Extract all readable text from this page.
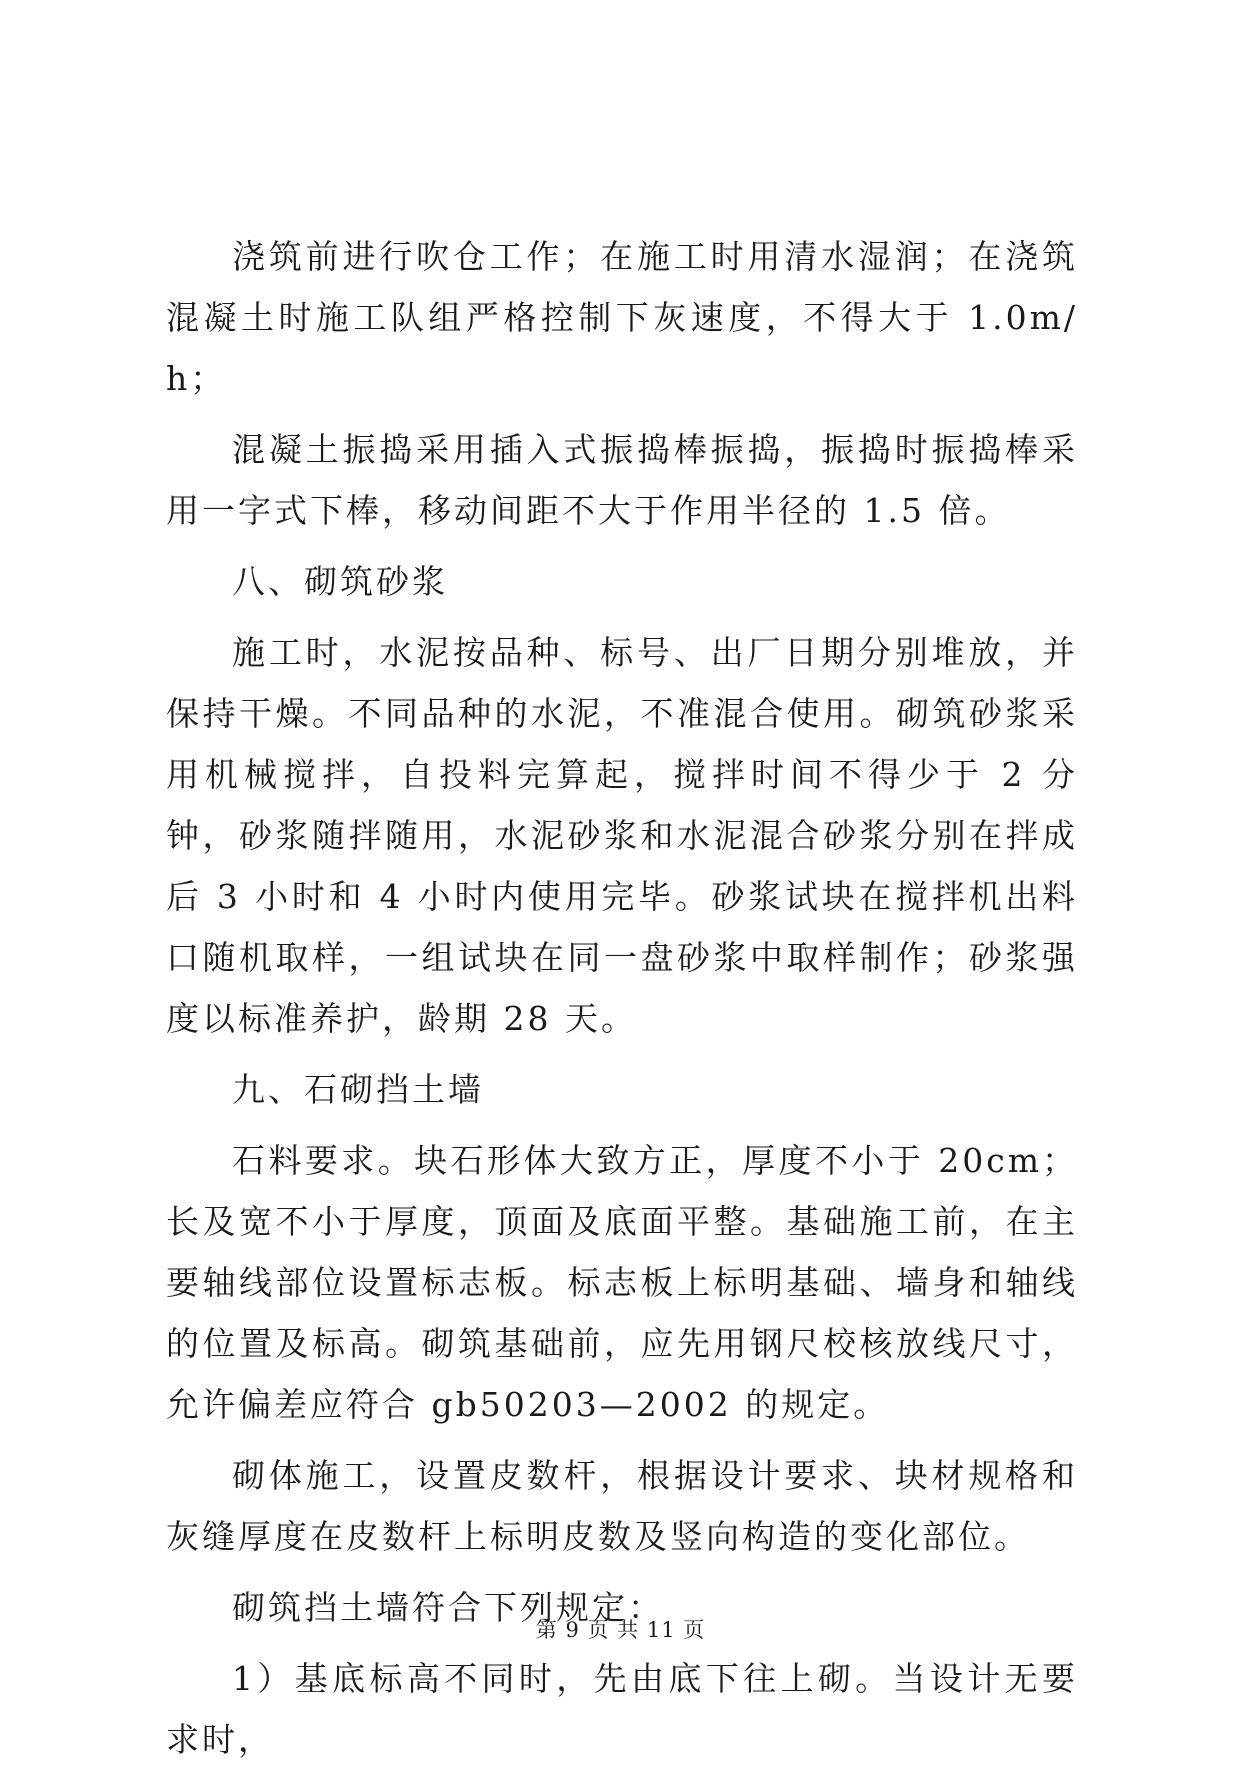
浇筑前进行吹仓工作；在施工时用清水湿润；在浇筑混凝土时施工队组严格控制下灰速度，不得大于 1.0m/h；

混凝土振捣采用插入式振捣棒振捣，振捣时振捣棒采用一字式下棒，移动间距不大于作用半径的 1.5 倍。

八、砌筑砂浆

施工时，水泥按品种、标号、出厂日期分别堆放，并保持干燥。不同品种的水泥，不准混合使用。砌筑砂浆采用机械搅拌，自投料完算起，搅拌时间不得少于 2 分钟，砂浆随拌随用，水泥砂浆和水泥混合砂浆分别在拌成后 3 小时和 4 小时内使用完毕。砂浆试块在搅拌机出料口随机取样，一组试块在同一盘砂浆中取样制作；砂浆强度以标准养护，龄期 28 天。

九、石砌挡土墙

石料要求。块石形体大致方正，厚度不小于 20cm；长及宽不小于厚度，顶面及底面平整。基础施工前，在主要轴线部位设置标志板。标志板上标明基础、墙身和轴线的位置及标高。砌筑基础前，应先用钢尺校核放线尺寸，允许偏差应符合 gb50203—2002 的规定。

砌体施工，设置皮数杆，根据设计要求、块材规格和灰缝厚度在皮数杆上标明皮数及竖向构造的变化部位。

砌筑挡土墙符合下列规定：

1）基底标高不同时，先由底下往上砌。当设计无要求时，

第 9 页 共 11 页
